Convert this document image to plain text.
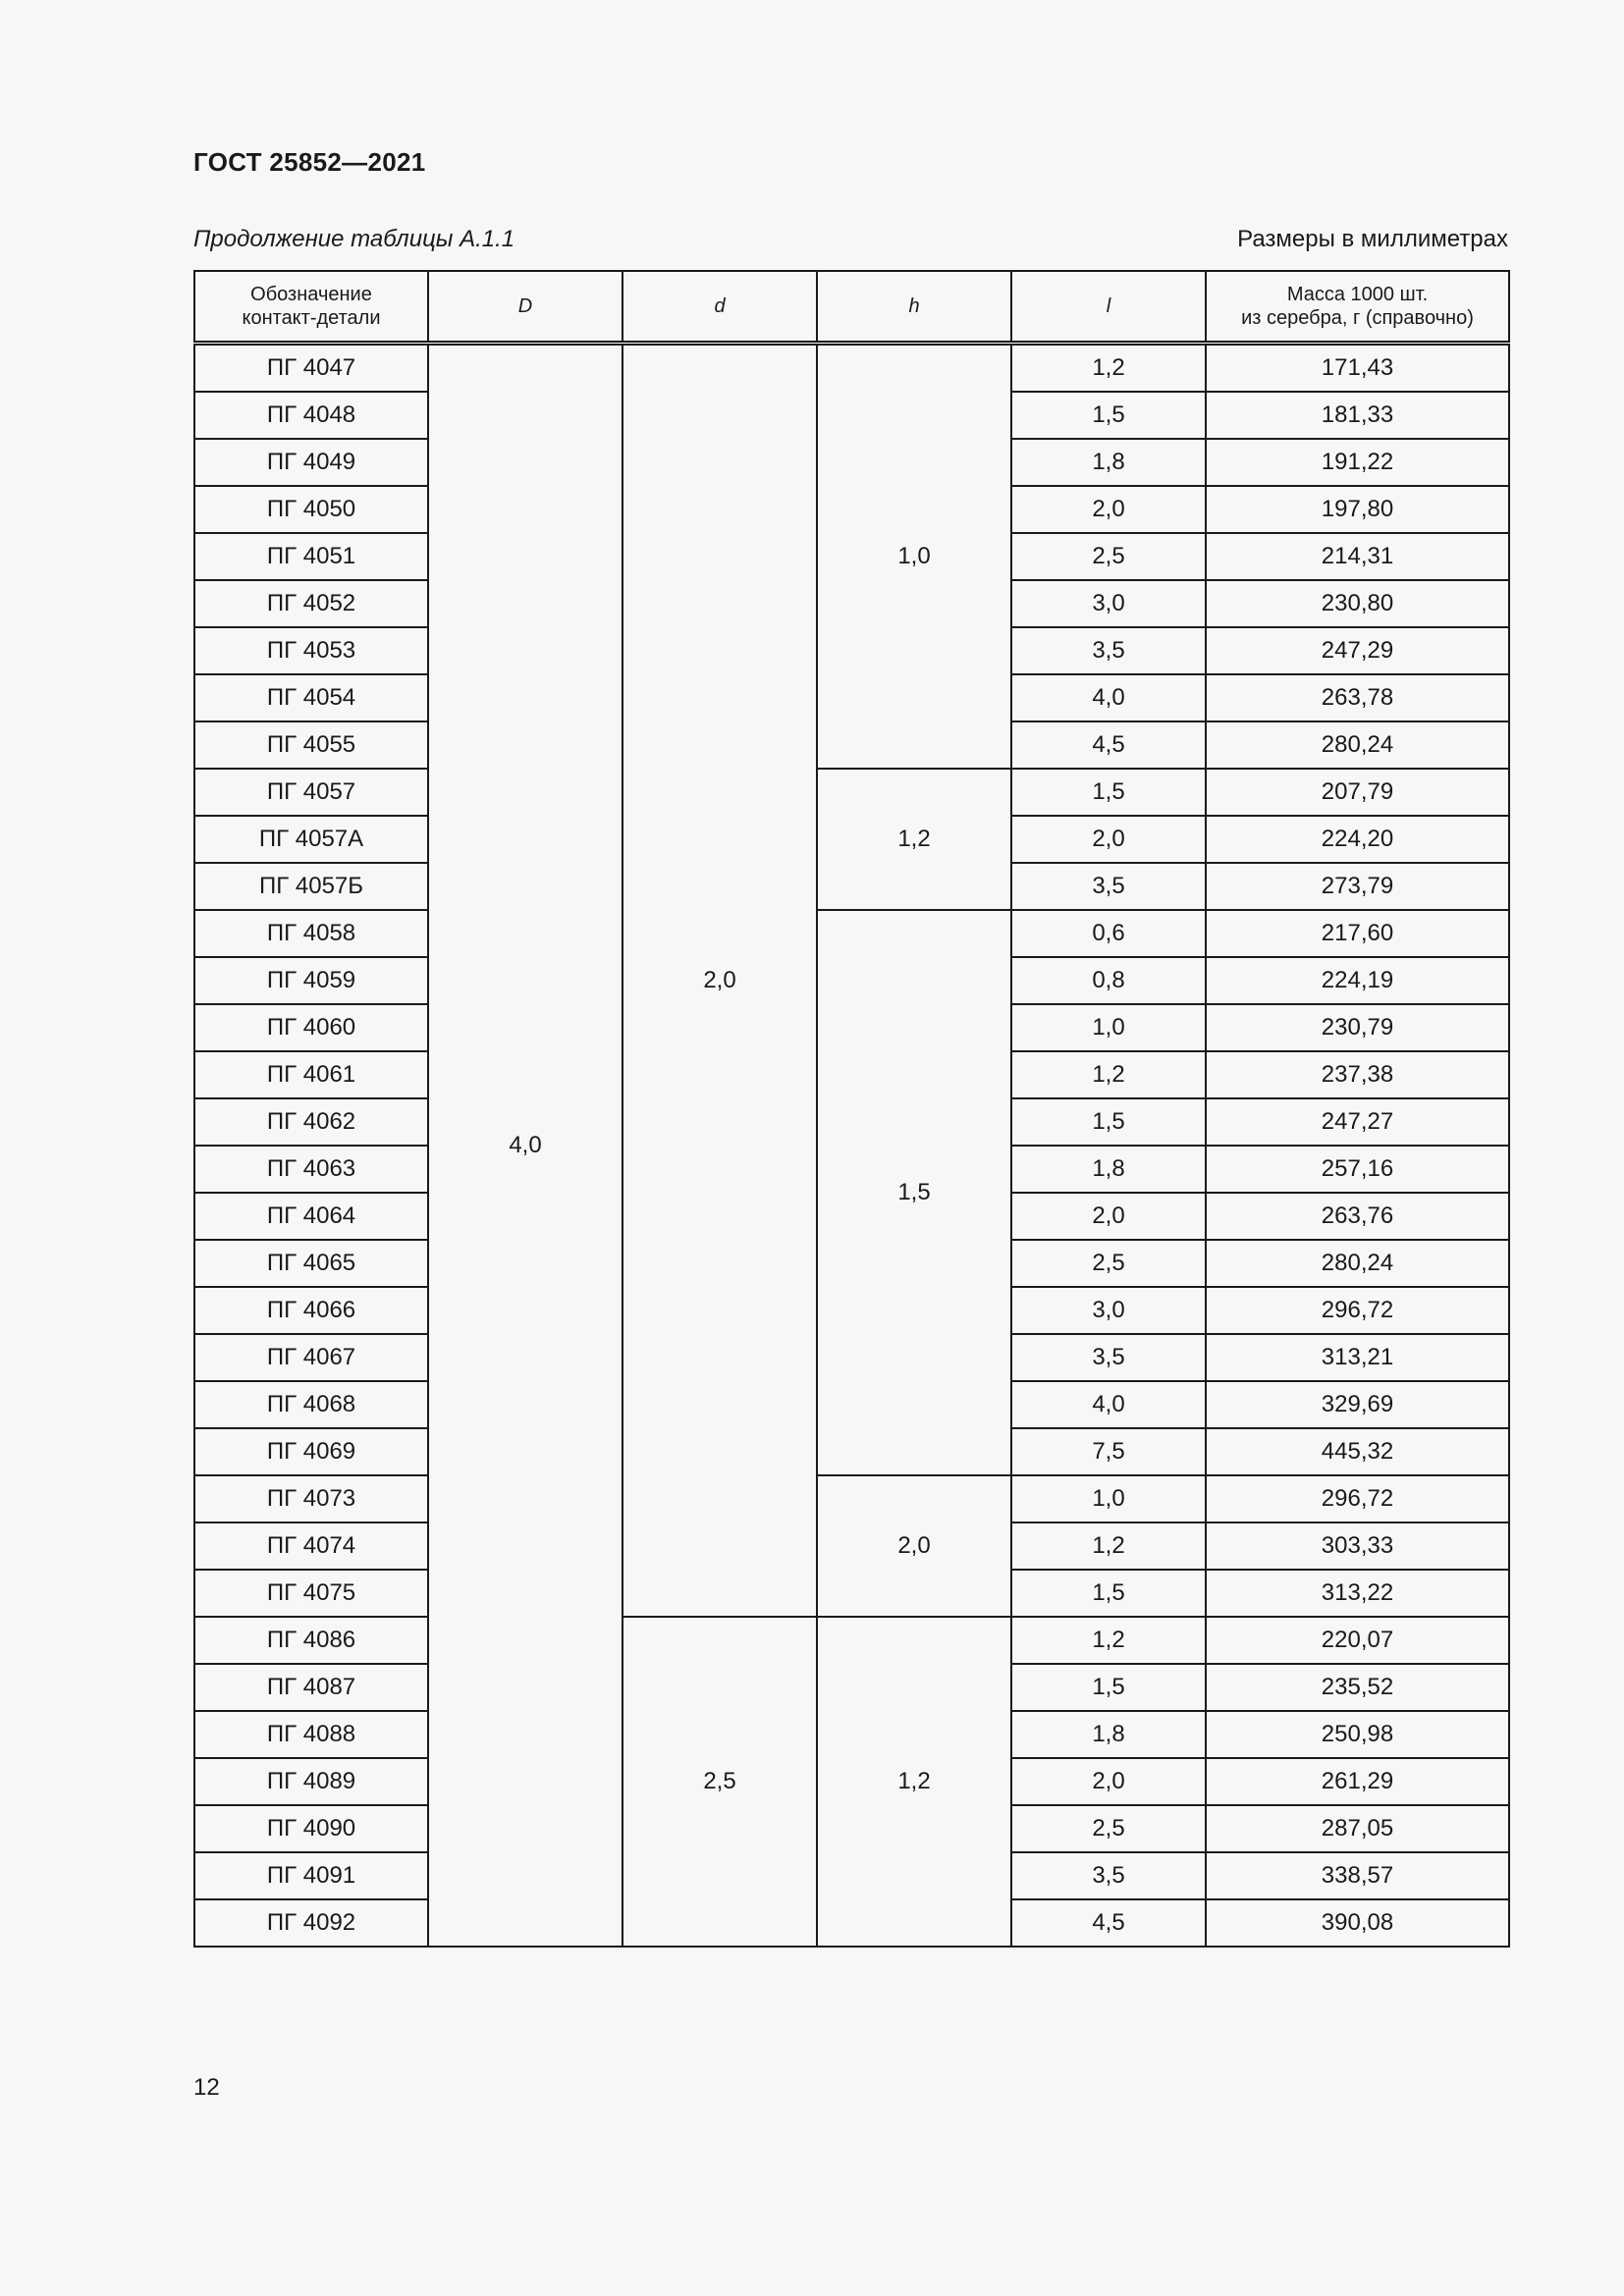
ГОСТ 25852—2021
Продолжение таблицы А.1.1	Размеры в миллиметрах
Обозначение
контакт-детали	D	d	h	l	Масса 1000 шт.
из серебра, г (справочно)
ПГ 4047	4,0	2,0	1,0	1,2	171,43
ПГ 4048				1,5	181,33
ПГ 4049				1,8	191,22
ПГ 4050				2,0	197,80
ПГ 4051				2,5	214,31
ПГ 4052				3,0	230,80
ПГ 4053				3,5	247,29
ПГ 4054				4,0	263,78
ПГ 4055				4,5	280,24
ПГ 4057			1,2	1,5	207,79
ПГ 4057А				2,0	224,20
ПГ 4057Б				3,5	273,79
ПГ 4058			1,5	0,6	217,60
ПГ 4059				0,8	224,19
ПГ 4060				1,0	230,79
ПГ 4061				1,2	237,38
ПГ 4062				1,5	247,27
ПГ 4063				1,8	257,16
ПГ 4064				2,0	263,76
ПГ 4065				2,5	280,24
ПГ 4066				3,0	296,72
ПГ 4067				3,5	313,21
ПГ 4068				4,0	329,69
ПГ 4069				7,5	445,32
ПГ 4073			2,0	1,0	296,72
ПГ 4074				1,2	303,33
ПГ 4075				1,5	313,22
ПГ 4086		2,5	1,2	1,2	220,07
ПГ 4087				1,5	235,52
ПГ 4088				1,8	250,98
ПГ 4089				2,0	261,29
ПГ 4090				2,5	287,05
ПГ 4091				3,5	338,57
ПГ 4092				4,5	390,08
12
